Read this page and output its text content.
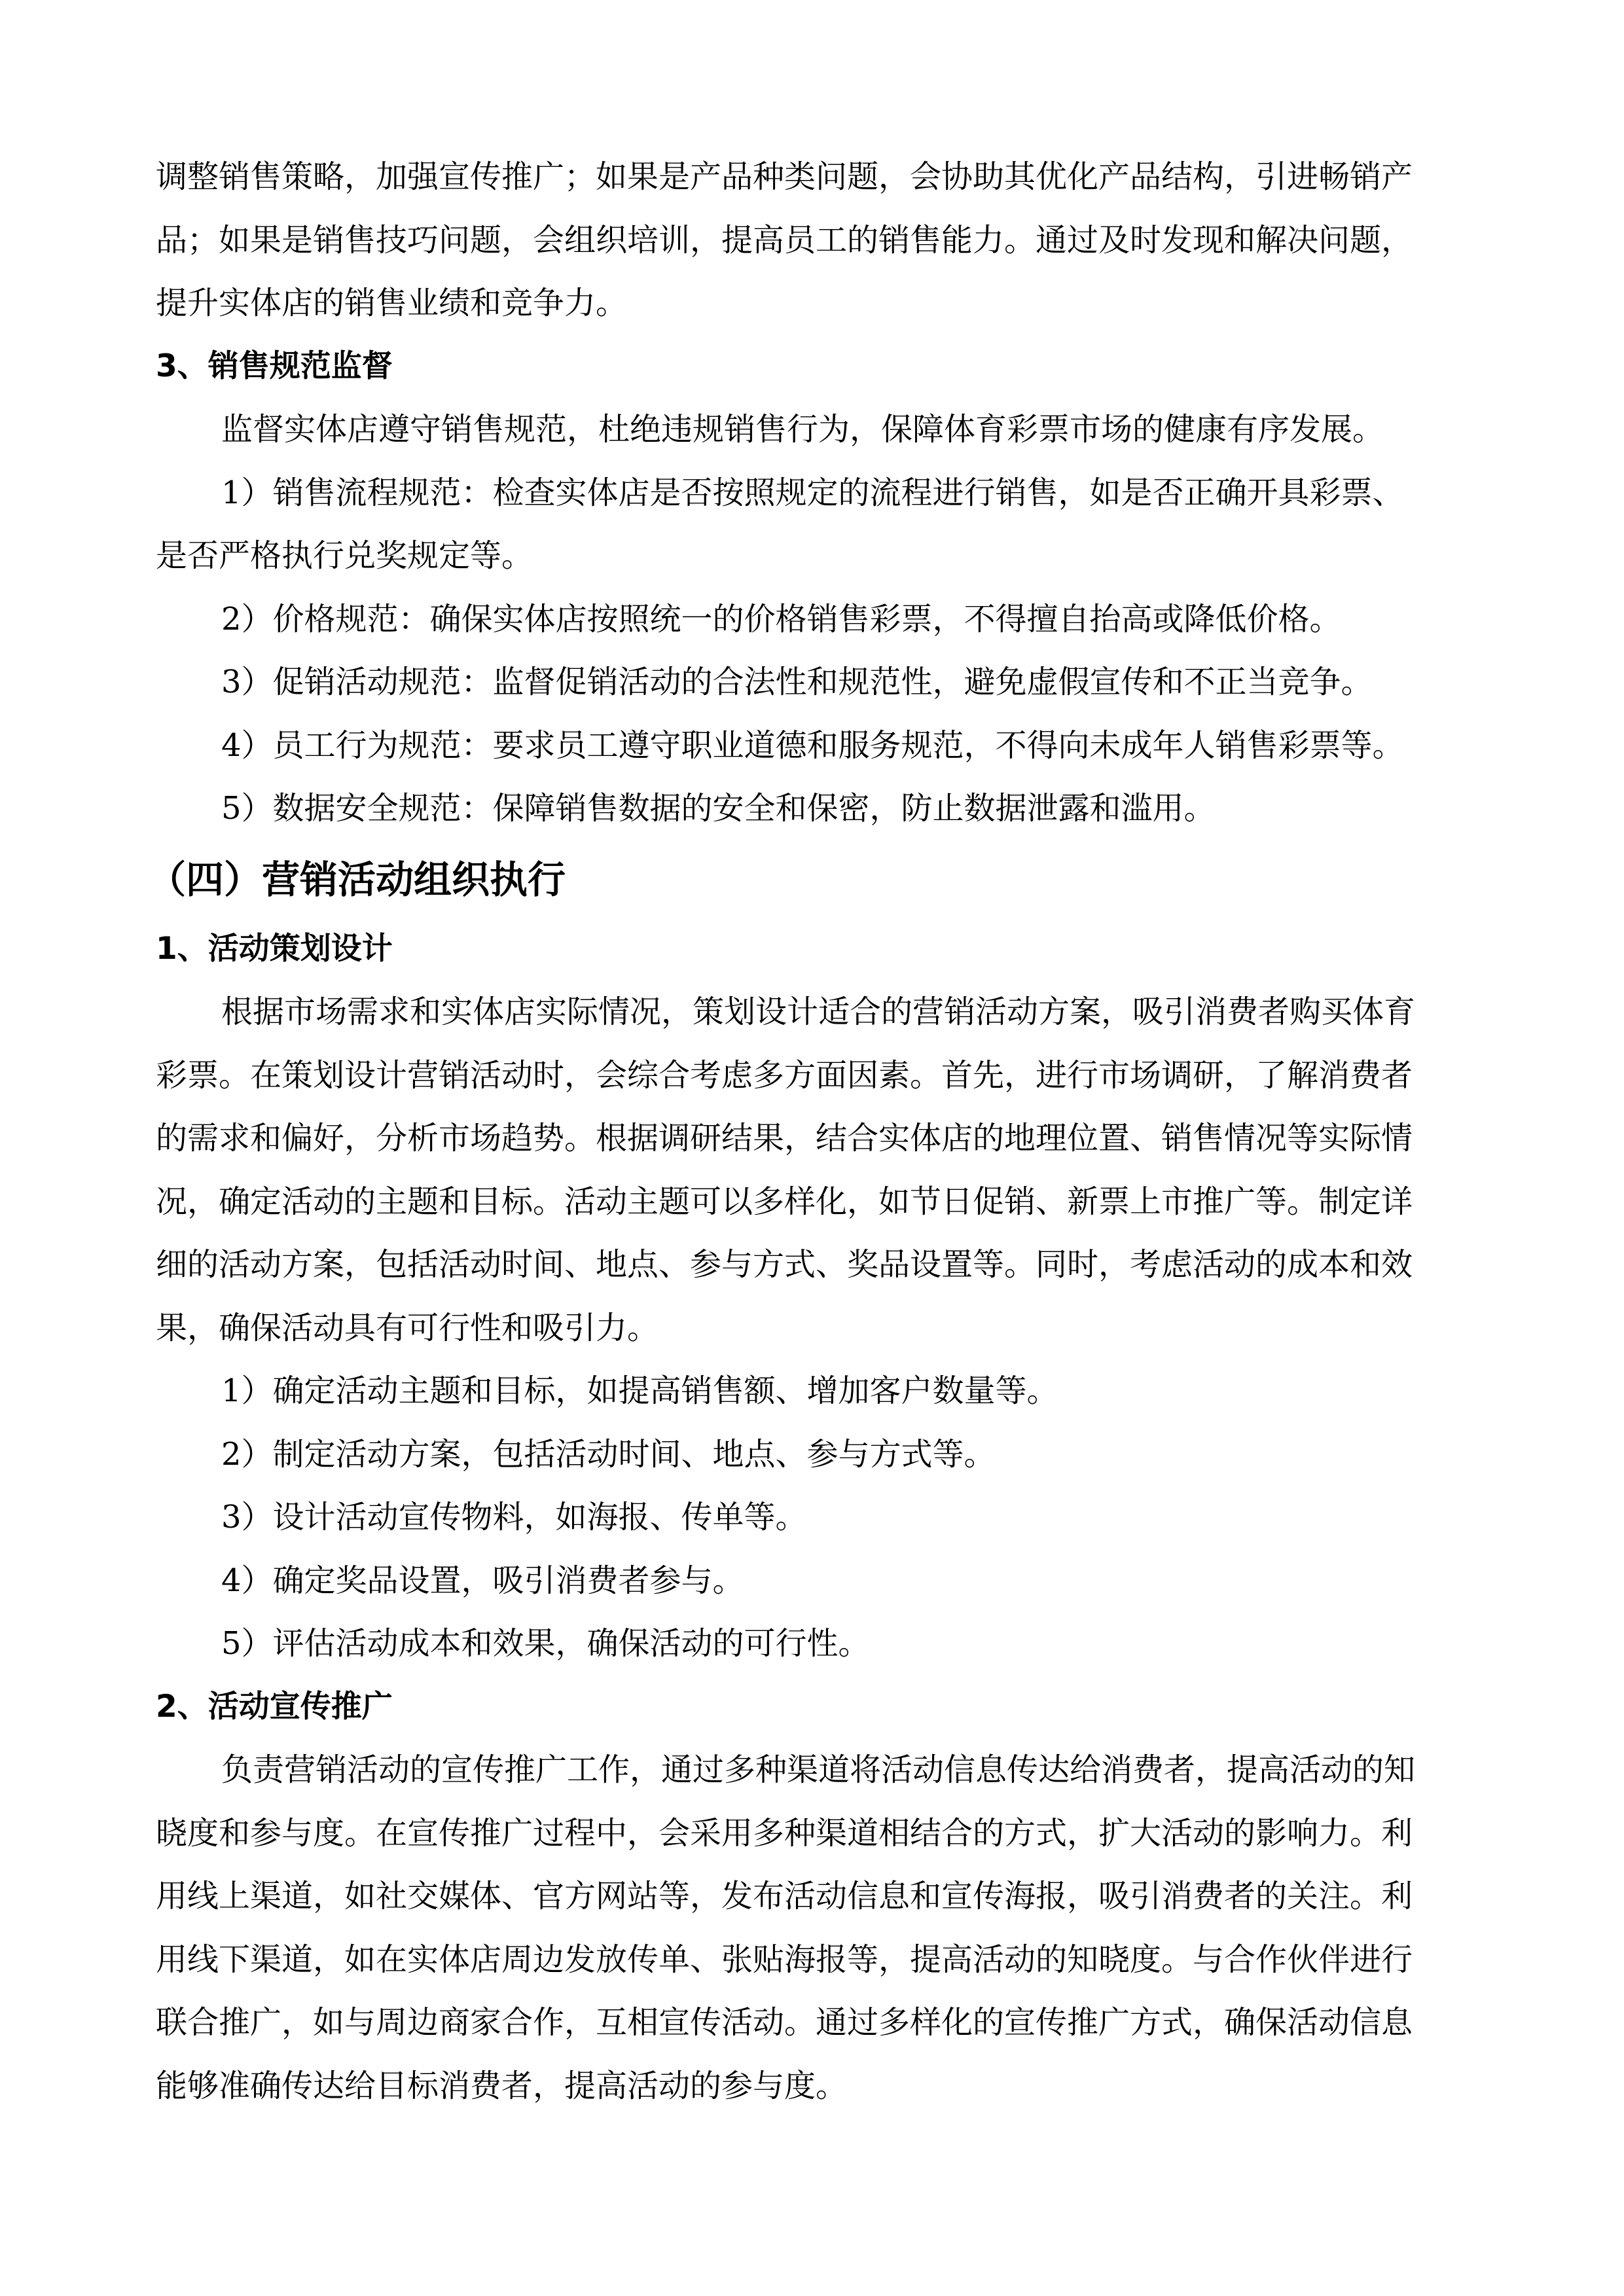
调整销售策略，加强宣传推广；如果是产品种类问题，会协助其优化产品结构，引进畅销产
品；如果是销售技巧问题，会组织培训，提高员工的销售能力。通过及时发现和解决问题，
提升实体店的销售业绩和竞争力。

3、销售规范监督

监督实体店遵守销售规范，杜绝违规销售行为，保障体育彩票市场的健康有序发展。

1）销售流程规范：检查实体店是否按照规定的流程进行销售，如是否正确开具彩票、
是否严格执行兑奖规定等。

2）价格规范：确保实体店按照统一的价格销售彩票，不得擅自抬高或降低价格。

3）促销活动规范：监督促销活动的合法性和规范性，避免虚假宣传和不正当竞争。

4）员工行为规范：要求员工遵守职业道德和服务规范，不得向未成年人销售彩票等。

5）数据安全规范：保障销售数据的安全和保密，防止数据泄露和滥用。

（四）营销活动组织执行
1、活动策划设计

根据市场需求和实体店实际情况，策划设计适合的营销活动方案，吸引消费者购买体育
彩票。在策划设计营销活动时，会综合考虑多方面因素。首先，进行市场调研，了解消费者
的需求和偏好，分析市场趋势。根据调研结果，结合实体店的地理位置、销售情况等实际情
况，确定活动的主题和目标。活动主题可以多样化，如节日促销、新票上市推广等。制定详
细的活动方案，包括活动时间、地点、参与方式、奖品设置等。同时，考虑活动的成本和效
果，确保活动具有可行性和吸引力。

1）确定活动主题和目标，如提高销售额、增加客户数量等。

2）制定活动方案，包括活动时间、地点、参与方式等。

3）设计活动宣传物料，如海报、传单等。

4）确定奖品设置，吸引消费者参与。

5）评估活动成本和效果，确保活动的可行性。

2、活动宣传推广

负责营销活动的宣传推广工作，通过多种渠道将活动信息传达给消费者，提高活动的知
晓度和参与度。在宣传推广过程中，会采用多种渠道相结合的方式，扩大活动的影响力。利
用线上渠道，如社交媒体、官方网站等，发布活动信息和宣传海报，吸引消费者的关注。利
用线下渠道，如在实体店周边发放传单、张贴海报等，提高活动的知晓度。与合作伙伴进行
联合推广，如与周边商家合作，互相宣传活动。通过多样化的宣传推广方式，确保活动信息
能够准确传达给目标消费者，提高活动的参与度。
